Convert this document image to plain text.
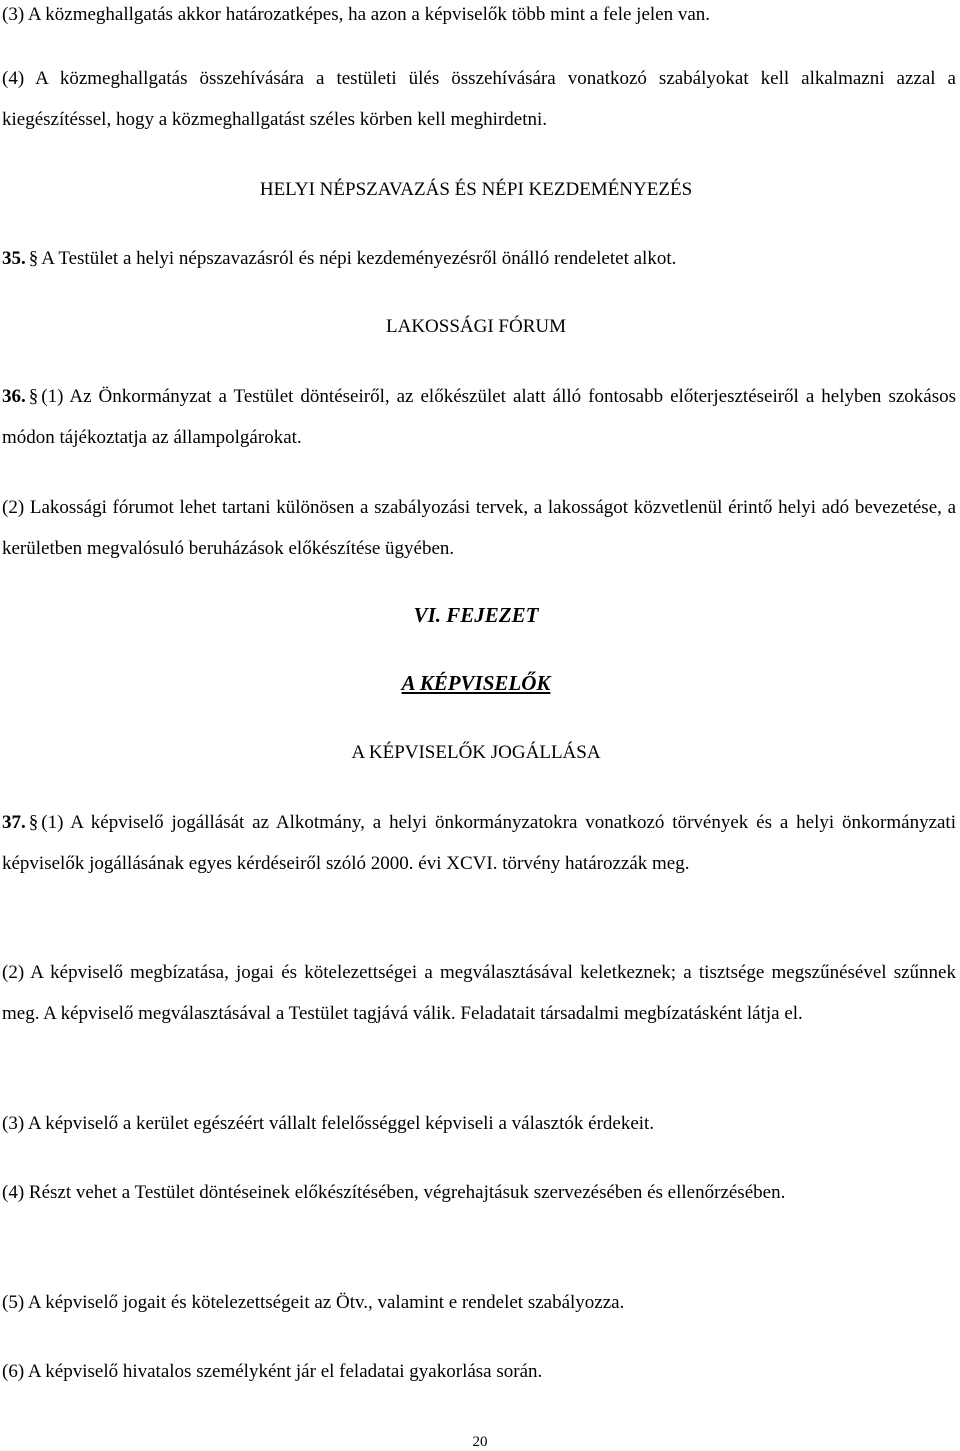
(3) A közmeghallgatás akkor határozatképes, ha azon a képviselők több mint a fele jelen van.

(4) A közmeghallgatás összehívására a testületi ülés összehívására vonatkozó szabályokat kell alkalmazni azzal a kiegészítéssel, hogy a közmeghallgatást széles körben kell meghirdetni.

HELYI NÉPSZAVAZÁS ÉS NÉPI KEZDEMÉNYEZÉS

35. § A Testület a helyi népszavazásról és népi kezdeményezésről önálló rendeletet alkot.

LAKOSSÁGI FÓRUM

36. § (1) Az Önkormányzat a Testület döntéseiről, az előkészület alatt álló fontosabb előterjesztéseiről a helyben szokásos módon tájékoztatja az állampolgárokat.

(2) Lakossági fórumot lehet tartani különösen a szabályozási tervek, a lakosságot közvetlenül érintő helyi adó bevezetése, a kerületben megvalósuló beruházások előkészítése ügyében.

VI. FEJEZET

A KÉPVISELŐK

A KÉPVISELŐK JOGÁLLÁSA

37. § (1) A képviselő jogállását az Alkotmány, a helyi önkormányzatokra vonatkozó törvények és a helyi önkormányzati képviselők jogállásának egyes kérdéseiről szóló 2000. évi XCVI. törvény határozzák meg.

(2) A képviselő megbízatása, jogai és kötelezettségei a megválasztásával keletkeznek; a tisztsége megszűnésével szűnnek meg. A képviselő megválasztásával a Testület tagjává válik. Feladatait társadalmi megbízatásként látja el.

(3) A képviselő a kerület egészéért vállalt felelősséggel képviseli a választók érdekeit.

(4) Részt vehet a Testület döntéseinek előkészítésében, végrehajtásuk szervezésében és ellenőrzésében.

(5) A képviselő jogait és kötelezettségeit az Ötv., valamint e rendelet szabályozza.

(6) A képviselő hivatalos személyként jár el feladatai gyakorlása során.

20
